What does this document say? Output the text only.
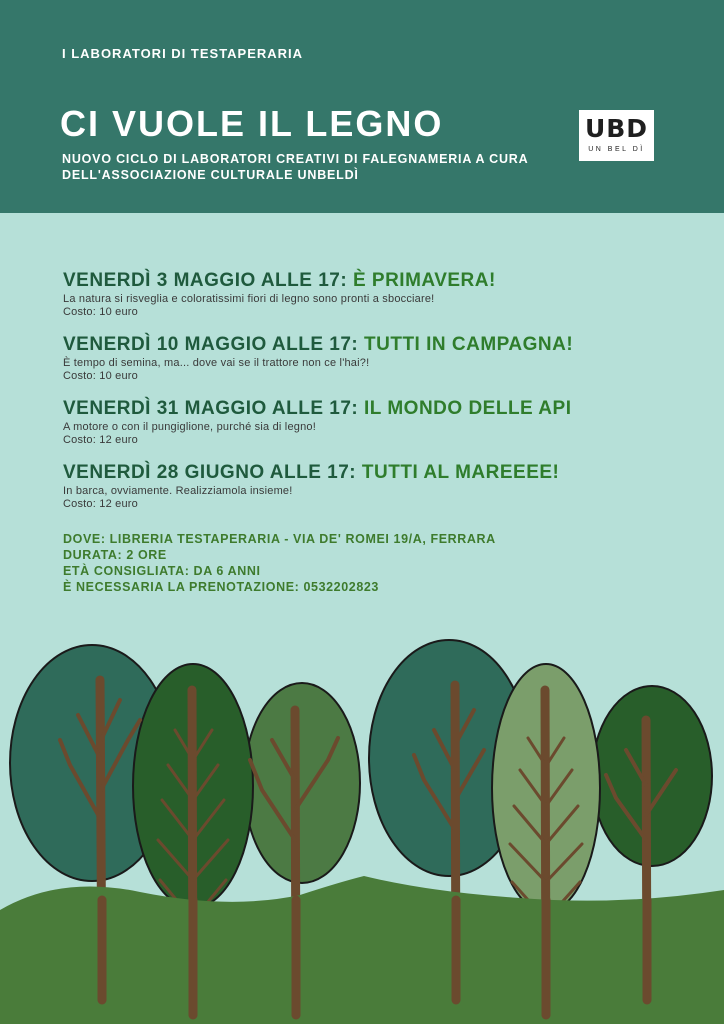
I LABORATORI DI TESTAPERARIA
CI VUOLE IL LEGNO
NUOVO CICLO DI LABORATORI CREATIVI DI FALEGNAMERIA A CURA DELL'ASSOCIAZIONE CULTURALE UNBELDÌ
UBD
UN BEL DÌ
VENERDÌ 3 MAGGIO ALLE 17: È PRIMAVERA!
La natura si risveglia e coloratissimi fiori di legno sono pronti a sbocciare!
Costo: 10 euro
VENERDÌ 10 MAGGIO ALLE 17: TUTTI IN CAMPAGNA!
È tempo di semina, ma... dove vai se il trattore non ce l'hai?!
Costo: 10 euro
VENERDÌ 31 MAGGIO ALLE 17: IL MONDO DELLE API
A motore o con il pungiglione, purché sia di legno!
Costo: 12 euro
VENERDÌ 28 GIUGNO ALLE 17: TUTTI AL MAREEEE!
In barca, ovviamente. Realizziamola insieme!
Costo: 12 euro
DOVE: LIBRERIA TESTAPERARIA - VIA DE' ROMEI 19/A, FERRARA
DURATA: 2 ORE
ETÀ CONSIGLIATA: DA 6 ANNI
È NECESSARIA LA PRENOTAZIONE: 0532202823
